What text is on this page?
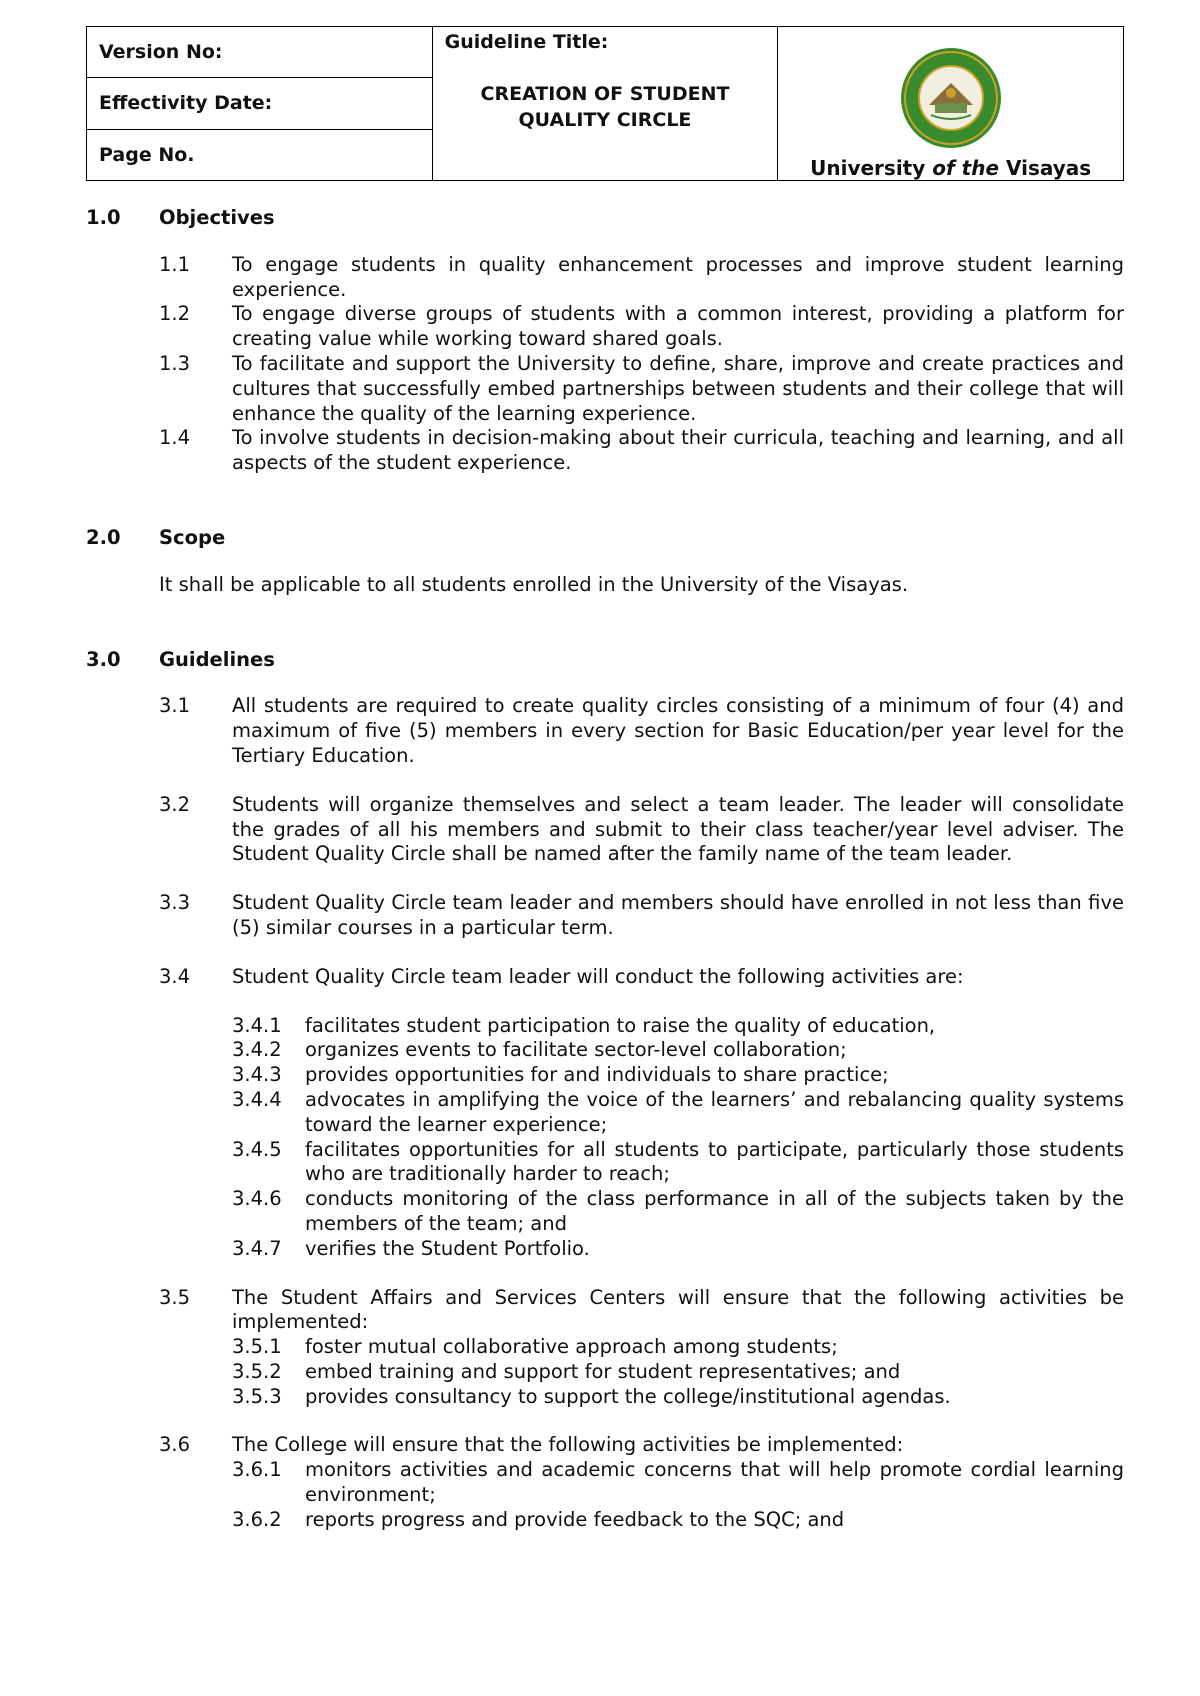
Version No:	Guideline Title:
CREATION OF STUDENT
QUALITY CIRCLE

University of the Visayas

Effectivity Date:
Page No.
1.0	Objectives
1.1	To engage students in quality enhancement processes and improve student learning experience.
1.2	To engage diverse groups of students with a common interest, providing a platform for creating value while working toward shared goals.
1.3	To facilitate and support the University to define, share, improve and create practices and cultures that successfully embed partnerships between students and their college that will enhance the quality of the learning experience.
1.4	To involve students in decision-making about their curricula, teaching and learning, and all aspects of the student experience.
2.0	Scope
It shall be applicable to all students enrolled in the University of the Visayas.
3.0	Guidelines
3.1	All students are required to create quality circles consisting of a minimum of four (4) and maximum of five (5) members in every section for Basic Education/per year level for the Tertiary Education.
3.2	Students will organize themselves and select a team leader. The leader will consolidate the grades of all his members and submit to their class teacher/year level adviser. The Student Quality Circle shall be named after the family name of the team leader.
3.3	Student Quality Circle team leader and members should have enrolled in not less than five (5) similar courses in a particular term.
3.4	Student Quality Circle team leader will conduct the following activities are:
3.4.1	facilitates student participation to raise the quality of education,
3.4.2	organizes events to facilitate sector-level collaboration;
3.4.3	provides opportunities for and individuals to share practice;
3.4.4	advocates in amplifying the voice of the learners’ and rebalancing quality systems toward the learner experience;
3.4.5	facilitates opportunities for all students to participate, particularly those students who are traditionally harder to reach;
3.4.6	conducts monitoring of the class performance in all of the subjects taken by the members of the team; and
3.4.7	verifies the Student Portfolio.
3.5	The Student Affairs and Services Centers will ensure that the following activities be implemented:
3.5.1	foster mutual collaborative approach among students;
3.5.2	embed training and support for student representatives; and
3.5.3	provides consultancy to support the college/institutional agendas.
3.6	The College will ensure that the following activities be implemented:
3.6.1	monitors activities and academic concerns that will help promote cordial learning environment;
3.6.2	reports progress and provide feedback to the SQC; and
